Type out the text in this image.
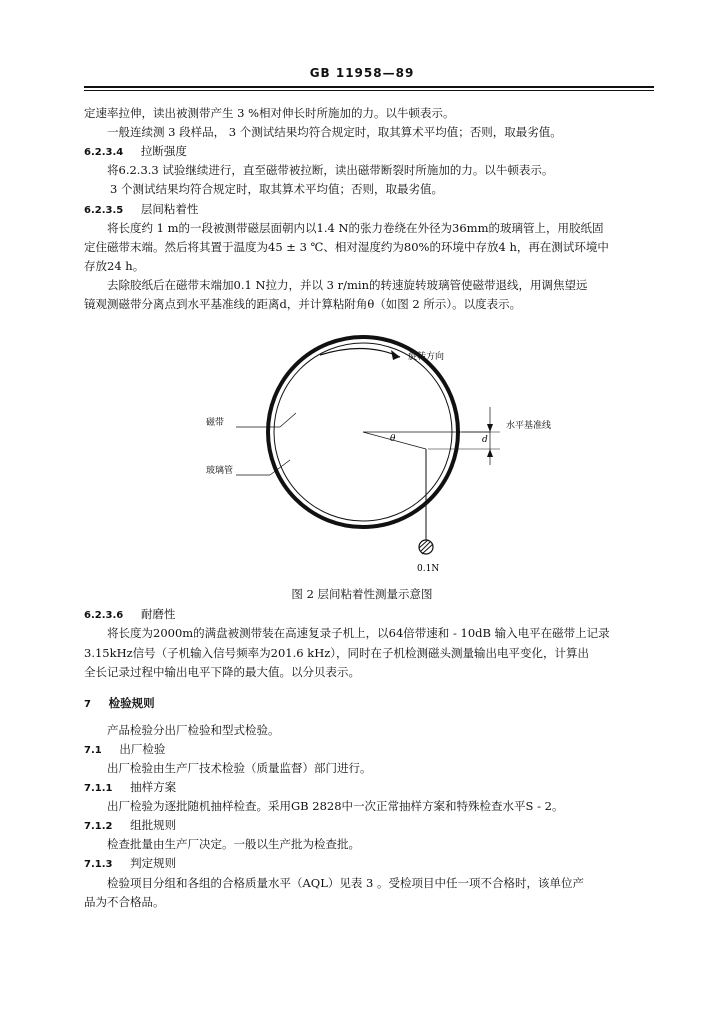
GB 11958—89
定速率拉伸，读出被测带产生 3 %相对伸长时所施加的力。以牛顿表示。
一般连续测 3 段样品， 3 个测试结果均符合规定时，取其算术平均值；否则，取最劣值。
6.2.3.4 拉断强度
将6.2.3.3 试验继续进行，直至磁带被拉断，读出磁带断裂时所施加的力。以牛顿表示。
3 个测试结果均符合规定时，取其算术平均值；否则，取最劣值。
6.2.3.5 层间粘着性
将长度约 1 m的一段被测带磁层面朝内以1.4 N的张力卷绕在外径为36mm的玻璃管上，用胶纸固
定住磁带末端。然后将其置于温度为45 ± 3 ℃、相对湿度约为80%的环境中存放4 h，再在测试环境中
存放24 h。
去除胶纸后在磁带末端加0.1 N拉力，并以 3 r/min的转速旋转玻璃管使磁带退线，用调焦望远
镜观测磁带分离点到水平基准线的距离d，并计算粘附角θ（如图 2 所示）。以度表示。
旋转方向
θ
0.1N
d
水平基准线
磁带
玻璃管
图 2 层间粘着性测量示意图
6.2.3.6 耐磨性
将长度为2000m的满盘被测带装在高速复录子机上，以64倍带速和 - 10dB 输入电平在磁带上记录
3.15kHz信号（子机输入信号频率为201.6 kHz），同时在子机检测磁头测量输出电平变化，计算出
全长记录过程中输出电平下降的最大值。以分贝表示。
7 检验规则
产品检验分出厂检验和型式检验。
7.1 出厂检验
出厂检验由生产厂技术检验（质量监督）部门进行。
7.1.1 抽样方案
出厂检验为逐批随机抽样检查。采用GB 2828中一次正常抽样方案和特殊检查水平S - 2。
7.1.2 组批规则
检查批量由生产厂决定。一般以生产批为检查批。
7.1.3 判定规则
检验项目分组和各组的合格质量水平（AQL）见表 3 。受检项目中任一项不合格时，该单位产
品为不合格品。
